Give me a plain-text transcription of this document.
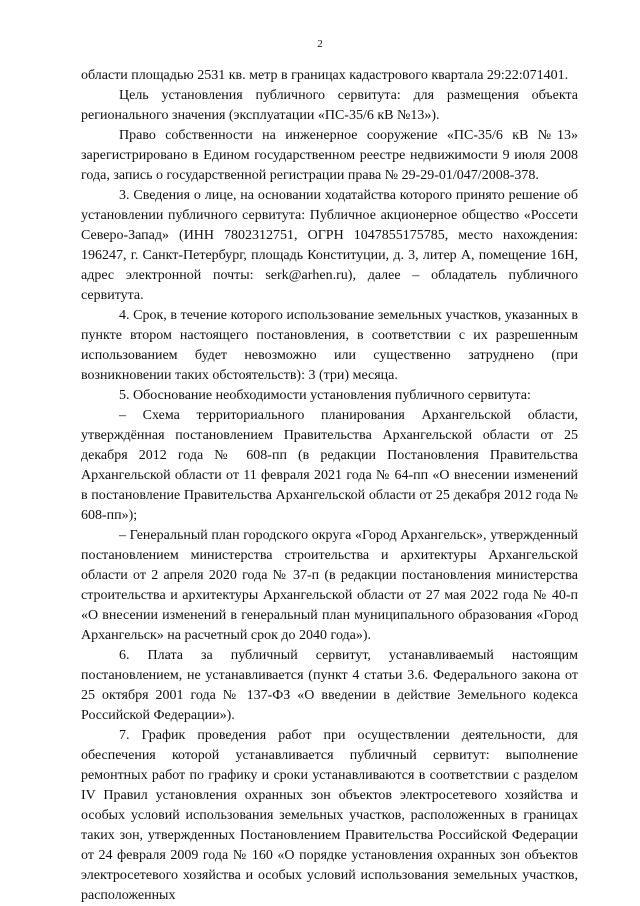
2

области площадью 2531 кв. метр в границах кадастрового квартала 29:22:071401.

Цель установления публичного сервитута: для размещения объекта регионального значения (эксплуатации «ПС-35/6 кВ №13»).

Право собственности на инженерное сооружение «ПС-35/6 кВ №13» зарегистрировано в Едином государственном реестре недвижимости 9 июля 2008 года, запись о государственной регистрации права № 29-29-01/047/2008-378.

3. Сведения о лице, на основании ходатайства которого принято решение об установлении публичного сервитута: Публичное акционерное общество «Россети Северо-Запад» (ИНН 7802312751, ОГРН 1047855175785, место нахождения: 196247, г. Санкт-Петербург, площадь Конституции, д. 3, литер А, помещение 16Н, адрес электронной почты: serk@arhen.ru), далее – обладатель публичного сервитута.

4. Срок, в течение которого использование земельных участков, указанных в пункте втором настоящего постановления, в соответствии с их разрешенным использованием будет невозможно или существенно затруднено (при возникновении таких обстоятельств): 3 (три) месяца.

5. Обоснование необходимости установления публичного сервитута:

– Схема территориального планирования Архангельской области, утверждённая постановлением Правительства Архангельской области от 25 декабря 2012 года № 608-пп (в редакции Постановления Правительства Архангельской области от 11 февраля 2021 года № 64-пп «О внесении изменений в постановление Правительства Архангельской области от 25 декабря 2012 года № 608-пп»);

– Генеральный план городского округа «Город Архангельск», утвержденный постановлением министерства строительства и архитектуры Архангельской области от 2 апреля 2020 года № 37-п (в редакции постановления министерства строительства и архитектуры Архангельской области от 27 мая 2022 года № 40-п «О внесении изменений в генеральный план муниципального образования «Город Архангельск» на расчетный срок до 2040 года»).

6. Плата за публичный сервитут, устанавливаемый настоящим постановлением, не устанавливается (пункт 4 статьи 3.6. Федерального закона от 25 октября 2001 года № 137-ФЗ «О введении в действие Земельного кодекса Российской Федерации»).

7. График проведения работ при осуществлении деятельности, для обеспечения которой устанавливается публичный сервитут: выполнение ремонтных работ по графику и сроки устанавливаются в соответствии с разделом IV Правил установления охранных зон объектов электросетевого хозяйства и особых условий использования земельных участков, расположенных в границах таких зон, утвержденных Постановлением Правительства Российской Федерации от 24 февраля 2009 года № 160 «О порядке установления охранных зон объектов электросетевого хозяйства и особых условий использования земельных участков, расположенных
